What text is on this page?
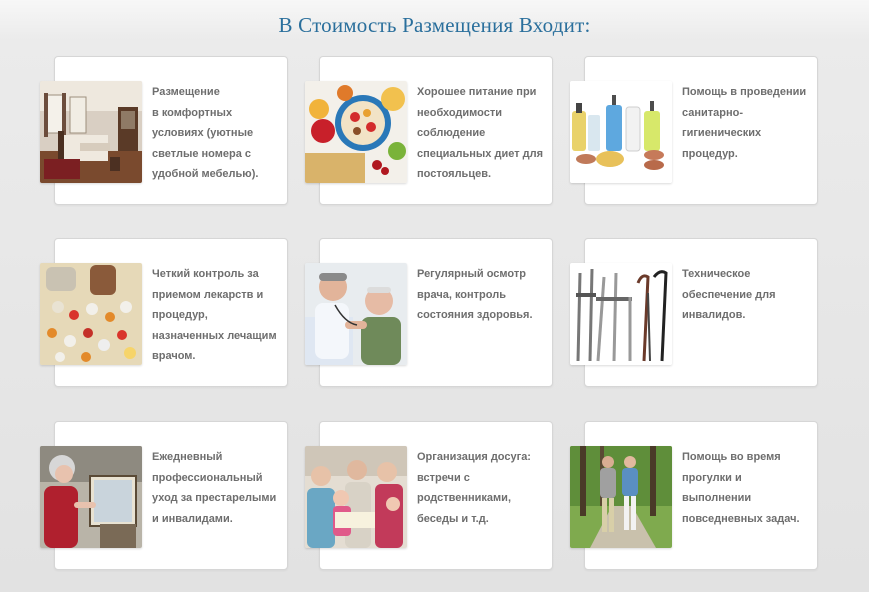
В Стоимость Размещения Входит:
Размещение
в комфортных условиях (уютные светлые номера с удобной мебелью).
Хорошее питание при необходимости соблюдение специальных диет для постояльцев.
Помощь в проведении санитарно-гигиенических процедур.
Четкий контроль за приемом лекарств и процедур, назначенных лечащим врачом.
Регулярный осмотр врача, контроль состояния здоровья.
Техническое обеспечение для инвалидов.
Ежедневный профессиональный уход за престарелыми и инвалидами.
Организация досуга: встречи с родственниками, беседы и т.д.
Помощь во время прогулки и выполнении повседневных задач.
